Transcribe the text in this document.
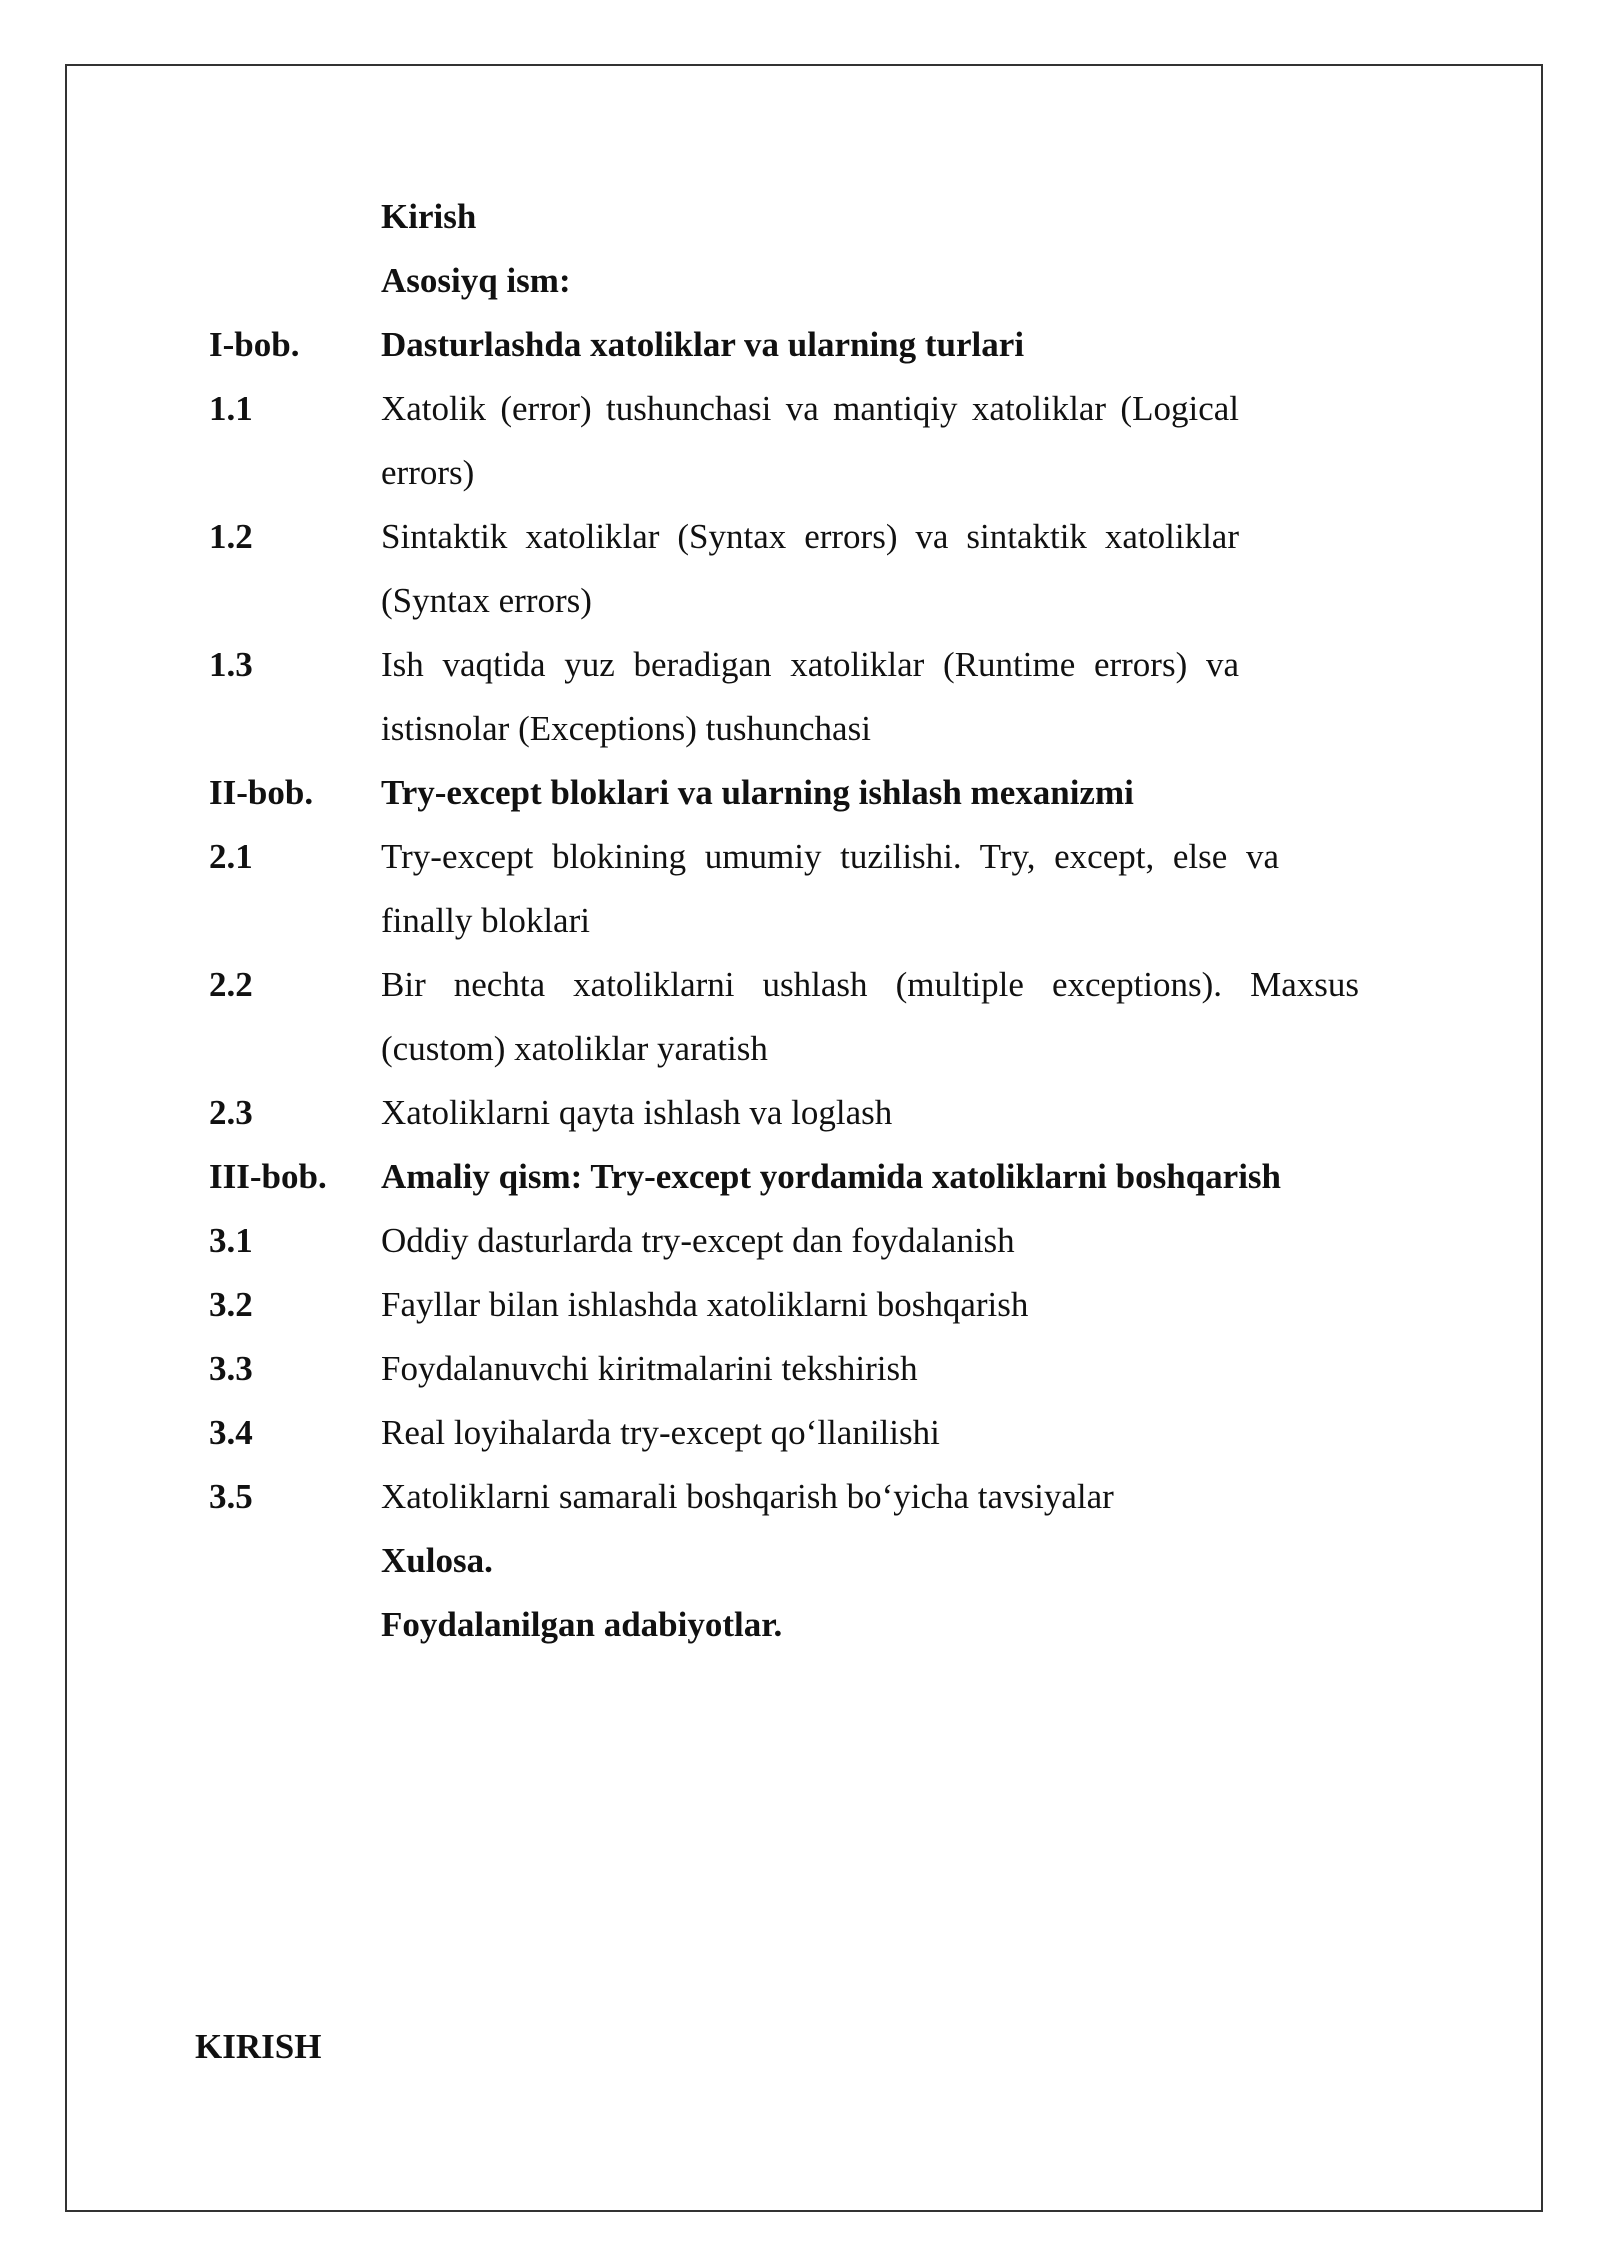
Kirish
Asosiyq ism:
I-bob.	Dasturlashda xatoliklar va ularning turlari
1.1	Xatolik (error) tushunchasi va mantiqiy xatoliklar (Logical errors)
1.2	Sintaktik xatoliklar (Syntax errors) va sintaktik xatoliklar (Syntax errors)
1.3	Ish vaqtida yuz beradigan xatoliklar (Runtime errors) va istisnolar (Exceptions) tushunchasi
II-bob.	Try-except bloklari va ularning ishlash mexanizmi
2.1	Try-except blokining umumiy tuzilishi. Try, except, else va finally bloklari
2.2	Bir nechta xatoliklarni ushlash (multiple exceptions). Maxsus (custom) xatoliklar yaratish
2.3	Xatoliklarni qayta ishlash va loglash
III-bob.	Amaliy qism: Try-except yordamida xatoliklarni boshqarish
3.1	Oddiy dasturlarda try-except dan foydalanish
3.2	Fayllar bilan ishlashda xatoliklarni boshqarish
3.3	Foydalanuvchi kiritmalarini tekshirish
3.4	Real loyihalarda try-except qo‘llanilishi
3.5	Xatoliklarni samarali boshqarish bo‘yicha tavsiyalar
Xulosa.
Foydalanilgan adabiyotlar.
KIRISH
